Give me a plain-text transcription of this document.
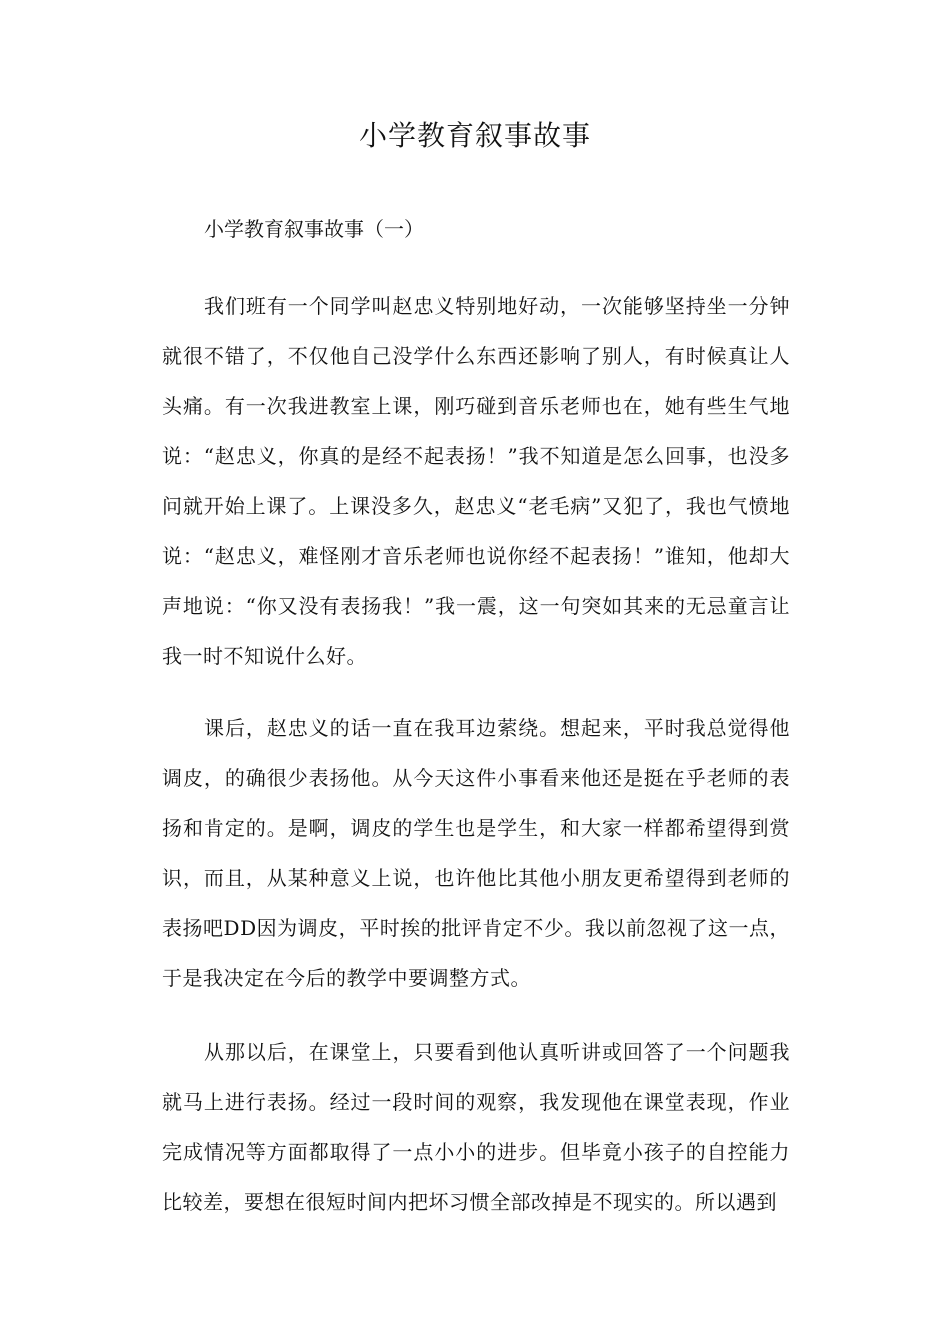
小学教育叙事故事

小学教育叙事故事（一）

我们班有一个同学叫赵忠义特别地好动，一次能够坚持坐一分钟就很不错了，不仅他自己没学什么东西还影响了别人，有时候真让人头痛。有一次我进教室上课，刚巧碰到音乐老师也在，她有些生气地说：“赵忠义，你真的是经不起表扬！”我不知道是怎么回事，也没多问就开始上课了。上课没多久，赵忠义“老毛病”又犯了，我也气愤地说：“赵忠义，难怪刚才音乐老师也说你经不起表扬！”谁知，他却大声地说：“你又没有表扬我！”我一震，这一句突如其来的无忌童言让我一时不知说什么好。

课后，赵忠义的话一直在我耳边萦绕。想起来，平时我总觉得他调皮，的确很少表扬他。从今天这件小事看来他还是挺在乎老师的表扬和肯定的。是啊，调皮的学生也是学生，和大家一样都希望得到赏识，而且，从某种意义上说，也许他比其他小朋友更希望得到老师的表扬吧DD因为调皮，平时挨的批评肯定不少。我以前忽视了这一点，于是我决定在今后的教学中要调整方式。

从那以后，在课堂上，只要看到他认真听讲或回答了一个问题我就马上进行表扬。经过一段时间的观察，我发现他在课堂表现，作业完成情况等方面都取得了一点小小的进步。但毕竟小孩子的自控能力比较差，要想在很短时间内把坏习惯全部改掉是不现实的。所以遇到
